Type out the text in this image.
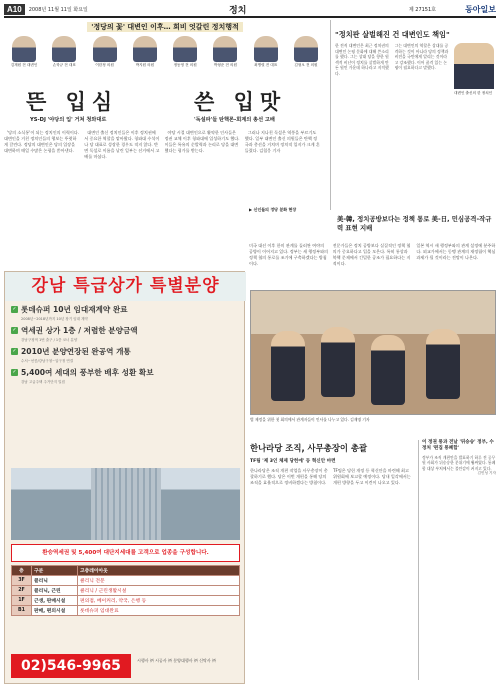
A10	2008년 11월 11일 화요일	정치	제 27151호	동아일보
'정당의 꽃' 대변인 이후… 희비 엇갈린 정치행적
김재원 전 대변인	손학규 전 대표	이한정 의원	박지원 의원	정동영 전 의원	박형준 전 의원	최병렬 전 대표	김형오 전 의원
뜬 입심	쓴 입맛
YS-DJ '야당의 입' 거쳐 청와대로	'독설파'들 탄핵론-회계의 총선 고배

'당의 소식통'이 되는 정치인의 이력이다. 대변인을 거친 정치인들의 행보는 뚜렷하게 갈린다. 정당의 대변인은 당의 입장을 대변하며 매일 수많은 논평을 쏟아낸다.

대변인 출신 정치인들은 이후 정치권에서 중요한 역할을 맡아왔다. 청와대 수석이나 당 대표로 성장한 경우도 적지 않다. 반면 독설로 이름을 날린 일부는 선거에서 고배를 마셨다.

야당 시절 대변인으로 활약한 인사들은 정권 교체 이후 청와대에 입성하기도 했다. 이들은 특유의 순발력과 논리로 당을 대변했다는 평가를 받는다.

그러나 지나친 독설은 역풍을 부르기도 했다. 일부 대변인 출신 의원들은 탄핵 정국과 총선을 거치며 정치적 입지가 크게 흔들렸다. 김철웅 기자

"정치판 살벌해진 건 대변인도 책임"
한 전직 대변인은 최근 정치권의 대변인 논평 문화에 대해 쓴소리를 했다. 그는 상대 당을 향한 원색적 비난이 정치를 살벌하게 만든 원인 가운데 하나라고 지적했다.
그는 대변인의 역할은 상대를 공격하는 것이 아니라 당의 정책과 비전을 국민에게 알리는 것이라고 강조했다. 이어 품격 있는 논평이 필요하다고 말했다.
대변인 출신의 한 정치인
美-韓, 정치공방보다는 정책 통로 美-日, 민심공격-작규력 표현 지배
미국 대선 이후 한미 관계를 둘러싼 여야의 공방이 이어지고 있다. 정부는 새 행정부와의 정책 협의 통로를 조기에 구축하겠다는 방침이다.
전문가들은 정치 공방보다 실질적인 정책 협의가 중요하다고 입을 모은다. 특히 통상과 북핵 문제에서 긴밀한 공조가 필요하다는 지적이다.
일본 역시 새 행정부와의 관계 설정에 분주하다. 외교가에서는 동맹 관계의 재정립이 핵심 과제가 될 것이라는 전망이 나온다.
▶ 신인들의 정당 분화 현장
강남 특급상가 특별분양
✓ 롯데슈퍼 10년 임대재계약 완료
2008년~2018년까지 10년 장기 임대 계약
✓ 역세권 상가 1층 / 저렴한 분양금액
강남구청역 1번 출구 / 1층 코너 분양
✓ 2010년 분양연장된 완공역 개통
수서~선릉/강남구청~압구정 연결
✓ 5,400여 세대의 풍부한 배후 성환 확보
강남 고급주택 주거단지 밀집
환승역세권 및 5,400여 대단지세대를 고객으로 업종을 구성합니다.
층	구분	고층레이아웃
3F	클리닉	클리닉 전문
2F	클리닉, 근린	클리닉 / 근린생활시설
1F	근생, 판매시설	편의점, 베이커리, 약국, 은행 등
B1	판매, 편의시설	롯데슈퍼 임대완료
02)546-9965	시행사 ㈜ 시공사 ㈜ 분양대행사 ㈜ 신탁사 ㈜
법 제정을 위한 첫 회의에서 관계자들이 인사를 나누고 있다. 김재명 기자
한나라당 조직, 사무총장이 총괄
TF팀 '제 3인 체제 당헌에' 등 혁신안 마련
한나라당은 조직 개편 작업을 사무총장이 총괄하기로 했다. 당은 이번 개편을 통해 당의 조직을 효율적으로 정비하겠다는 방침이다.
TF팀은 당헌 개정 등 혁신안을 마련해 최고위원회에 보고할 예정이다. 당내 일각에서는 개편 방향을 두고 이견이 나오고 있다.
이 정권 통과 전날 '뒤숭숭' 정부, 수정처 '편집 통폐합'
정부가 조직 개편안을 발표하기 하루 전 공무원 사회가 뒤숭숭한 분위기에 휩싸였다. 통폐합 대상 부처에서는 불안감이 커지고 있다.
김민성 기자
